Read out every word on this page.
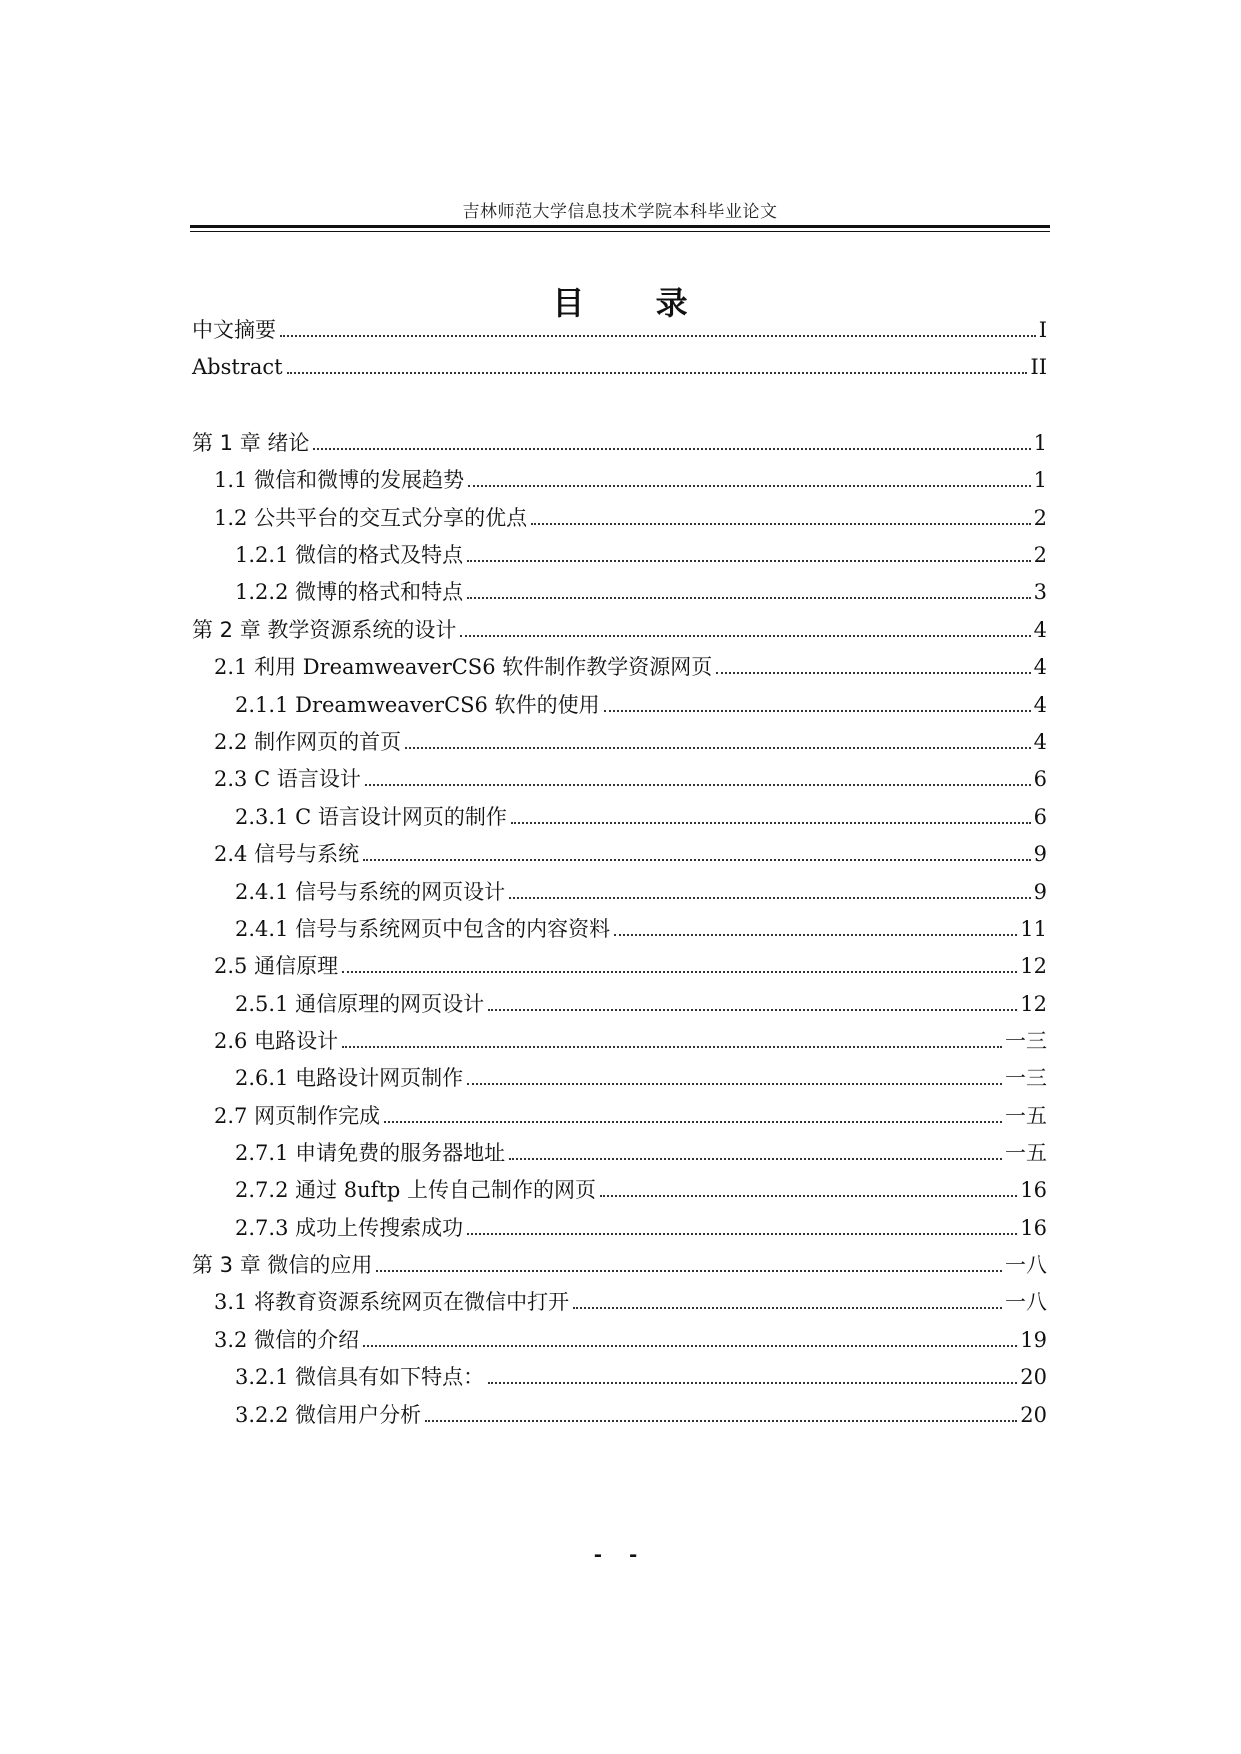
吉林师范大学信息技术学院本科毕业论文
目 录
中文摘要	I
Abstract	II
第 1 章 绪论	1
1.1 微信和微博的发展趋势	1
1.2 公共平台的交互式分享的优点	2
1.2.1 微信的格式及特点	2
1.2.2 微博的格式和特点	3
第 2 章 教学资源系统的设计	4
2.1 利用 DreamweaverCS6 软件制作教学资源网页	4
2.1.1 DreamweaverCS6 软件的使用	4
2.2 制作网页的首页	4
2.3 C 语言设计	6
2.3.1 C 语言设计网页的制作	6
2.4 信号与系统	9
2.4.1 信号与系统的网页设计	9
2.4.1 信号与系统网页中包含的内容资料	11
2.5 通信原理	12
2.5.1 通信原理的网页设计	12
2.6 电路设计	一三
2.6.1 电路设计网页制作	一三
2.7 网页制作完成	一五
2.7.1 申请免费的服务器地址	一五
2.7.2 通过 8uftp 上传自己制作的网页	16
2.7.3 成功上传搜索成功	16
第 3 章 微信的应用	一八
3.1 将教育资源系统网页在微信中打开	一八
3.2 微信的介绍	19
3.2.1 微信具有如下特点：	20
3.2.2 微信用户分析	20
- -
